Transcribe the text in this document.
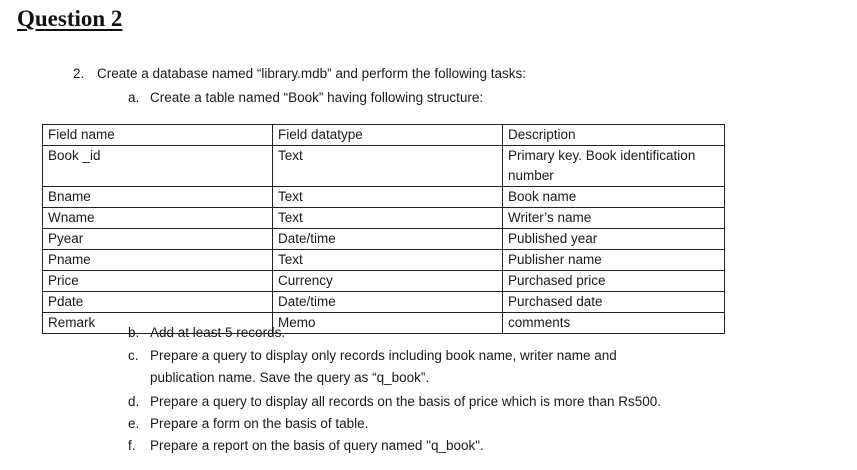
Question 2
2. Create a database named “library.mdb” and perform the following tasks:
a. Create a table named “Book” having following structure:
Field name	Field datatype	Description
Book _id	Text	Primary key. Book identification number
Bname	Text	Book name
Wname	Text	Writer’s name
Pyear	Date/time	Published year
Pname	Text	Publisher name
Price	Currency	Purchased price
Pdate	Date/time	Purchased date
Remark	Memo	comments
b. Add at least 5 records.
c. Prepare a query to display only records including book name, writer name and
publication name. Save the query as “q_book”.
d. Prepare a query to display all records on the basis of price which is more than Rs500.
e. Prepare a form on the basis of table.
f. Prepare a report on the basis of query named "q_book".
